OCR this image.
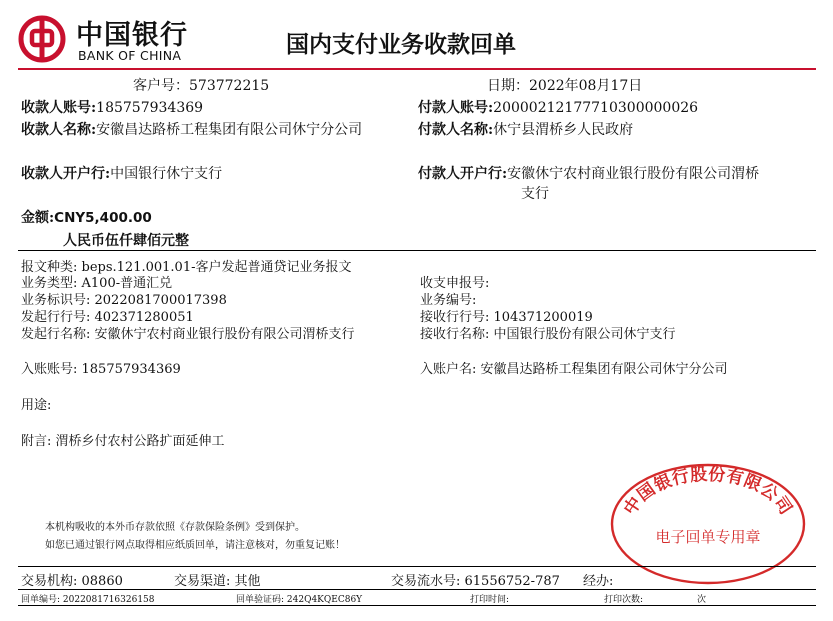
中国银行
BANK OF CHINA	国内支付业务收款回单
客户号：573772215	日期：2022年08月17日
收款人账号:185757934369
收款人名称:安徽昌达路桥工程集团有限公司休宁分公司
收款人开户行:中国银行休宁支行
付款人账号:20000212177710300000026
付款人名称:休宁县渭桥乡人民政府
付款人开户行:安徽休宁农村商业银行股份有限公司渭桥
支行
金额:CNY5,400.00
人民币伍仟肆佰元整
报文种类: beps.121.001.01-客户发起普通贷记业务报文
业务类型: A100-普通汇兑
业务标识号: 2022081700017398
发起行行号: 402371280051
发起行名称: 安徽休宁农村商业银行股份有限公司渭桥支行
入账账号: 185757934369
用途:
附言: 渭桥乡付农村公路扩面延伸工
收支申报号:
业务编号:
接收行行号: 104371200019
接收行名称: 中国银行股份有限公司休宁支行
入账户名: 安徽昌达路桥工程集团有限公司休宁分公司
本机构吸收的本外币存款依照《存款保险条例》受到保护。
如您已通过银行网点取得相应纸质回单，请注意核对，勿重复记账！
中国银行股份有限公司
电子回单专用章
交易机构: 08860	交易渠道: 其他	交易流水号: 61556752-787 经办:
回单编号: 2022081716326158	回单验证码: 242Q4KQEC86Y	打印时间:	打印次数:	次
